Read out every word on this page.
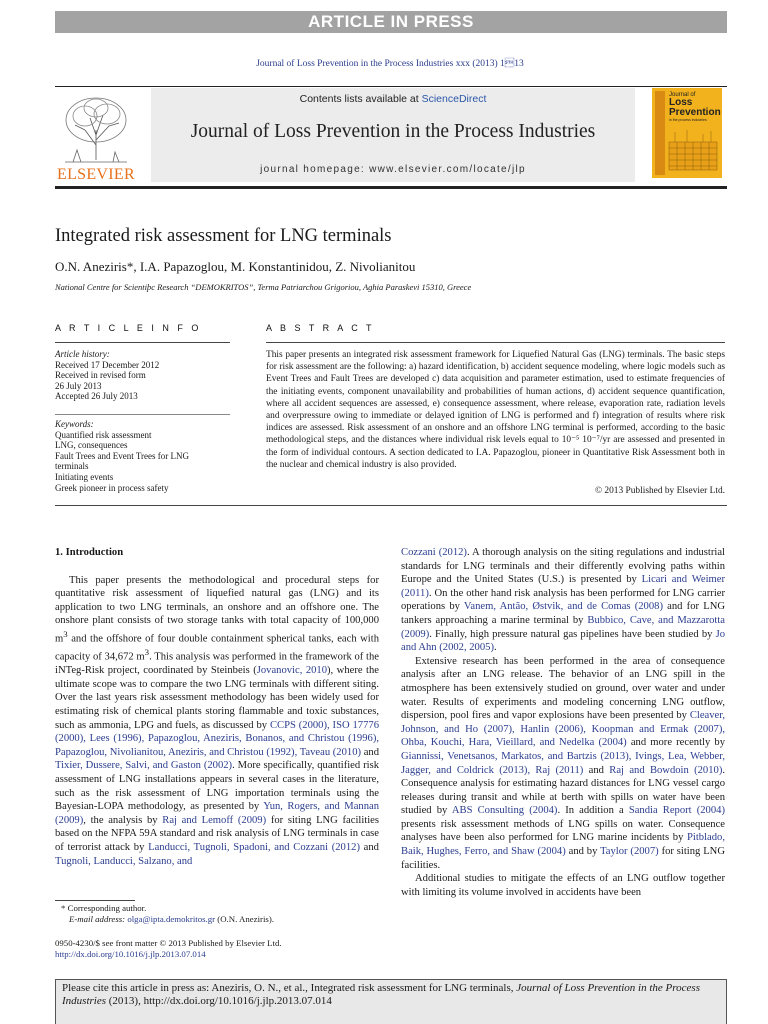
ARTICLE IN PRESS
Journal of Loss Prevention in the Process Industries xxx (2013) 113
ELSEVIER
Contents lists available at ScienceDirect
Journal of Loss Prevention in the Process Industries
journal homepage: www.elsevier.com/locate/jlp
Journal of
Loss
Prevention
in the process industries
Integrated risk assessment for LNG terminals
O.N. Aneziris*, I.A. Papazoglou, M. Konstantinidou, Z. Nivolianitou
National Centre for Scientiþc Research “DEMOKRITOS”, Terma Patriarchou Grigoriou, Aghia Paraskevi 15310, Greece
A R T I C L E I N F O	A B S T R A C T
Article history:
Received 17 December 2012
Received in revised form
26 July 2013
Accepted 26 July 2013
Keywords:
Quantified risk assessment
LNG, consequences
Fault Trees and Event Trees for LNG
terminals
Initiating events
Greek pioneer in process safety
This paper presents an integrated risk assessment framework for Liquefied Natural Gas (LNG) terminals. The basic steps for risk assessment are the following: a) hazard identification, b) accident sequence modeling, where logic models such as Event Trees and Fault Trees are developed c) data acquisition and parameter estimation, used to estimate frequencies of the initiating events, component unavailability and probabilities of human actions, d) accident sequence quantification, where all accident sequences are assessed, e) consequence assessment, where release, evaporation rate, radiation levels and overpressure owing to immediate or delayed ignition of LNG is performed and f) integration of results where risk indices are assessed. Risk assessment of an onshore and an offshore LNG terminal is performed, according to the basic methodological steps, and the distances where individual risk levels equal to 10⁻⁵ 10⁻⁷/yr are assessed and presented in the form of individual contours. A section dedicated to I.A. Papazoglou, pioneer in Quantitative Risk Assessment both in the nuclear and chemical industry is also provided.
© 2013 Published by Elsevier Ltd.
1. Introduction

This paper presents the methodological and procedural steps for quantitative risk assessment of liquefied natural gas (LNG) and its application to two LNG terminals, an onshore and an offshore one. The onshore plant consists of two storage tanks with total capacity of 100,000 $m^3$ and the offshore of four double containment spherical tanks, each with capacity of 34,672 $m^3$. This analysis was performed in the framework of the iNTeg-Risk project, coordinated by Steinbeis (Jovanovic, 2010), where the ultimate scope was to compare the two LNG terminals with different siting. Over the last years risk assessment methodology has been widely used for estimating risk of chemical plants storing flammable and toxic substances, such as ammonia, LPG and fuels, as discussed by CCPS (2000), ISO 17776 (2000), Lees (1996), Papazoglou, Aneziris, Bonanos, and Christou (1996), Papazoglou, Nivolianitou, Aneziris, and Christou (1992), Taveau (2010) and Tixier, Dussere, Salvi, and Gaston (2002). More specifically, quantified risk assessment of LNG installations appears in several cases in the literature, such as the risk assessment of LNG importation terminals using the Bayesian-LOPA methodology, as presented by Yun, Rogers, and Mannan (2009), the analysis by Raj and Lemoff (2009) for siting LNG facilities based on the NFPA 59A standard and risk analysis of LNG terminals in case of terrorist attack by Landucci, Tugnoli, Spadoni, and Cozzani (2012) and Tugnoli, Landucci, Salzano, and

Cozzani (2012). A thorough analysis on the siting regulations and industrial standards for LNG terminals and their differently evolving paths within Europe and the United States (U.S.) is presented by Licari and Weimer (2011). On the other hand risk analysis has been performed for LNG carrier operations by Vanem, Antão, Østvik, and de Comas (2008) and for LNG tankers approaching a marine terminal by Bubbico, Cave, and Mazzarotta (2009). Finally, high pressure natural gas pipelines have been studied by Jo and Ahn (2002, 2005).

Extensive research has been performed in the area of consequence analysis after an LNG release. The behavior of an LNG spill in the atmosphere has been extensively studied on ground, over water and under water. Results of experiments and modeling concerning LNG outflow, dispersion, pool fires and vapor explosions have been presented by Cleaver, Johnson, and Ho (2007), Hanlin (2006), Koopman and Ermak (2007), Ohba, Kouchi, Hara, Vieillard, and Nedelka (2004) and more recently by Giannissi, Venetsanos, Markatos, and Bartzis (2013), Ivings, Lea, Webber, Jagger, and Coldrick (2013), Raj (2011) and Raj and Bowdoin (2010). Consequence analysis for estimating hazard distances for LNG vessel cargo releases during transit and while at berth with spills on water have been studied by ABS Consulting (2004). In addition a Sandia Report (2004) presents risk assessment methods of LNG spills on water. Consequence analyses have been also performed for LNG marine incidents by Pitblado, Baik, Hughes, Ferro, and Shaw (2004) and by Taylor (2007) for siting LNG facilities.

Additional studies to mitigate the effects of an LNG outflow together with limiting its volume involved in accidents have been

* Corresponding author.
E-mail address: olga@ipta.demokritos.gr (O.N. Aneziris).
0950-4230/$ see front matter © 2013 Published by Elsevier Ltd.
http://dx.doi.org/10.1016/j.jlp.2013.07.014
Please cite this article in press as: Aneziris, O. N., et al., Integrated risk assessment for LNG terminals, Journal of Loss Prevention in the Process Industries (2013), http://dx.doi.org/10.1016/j.jlp.2013.07.014
